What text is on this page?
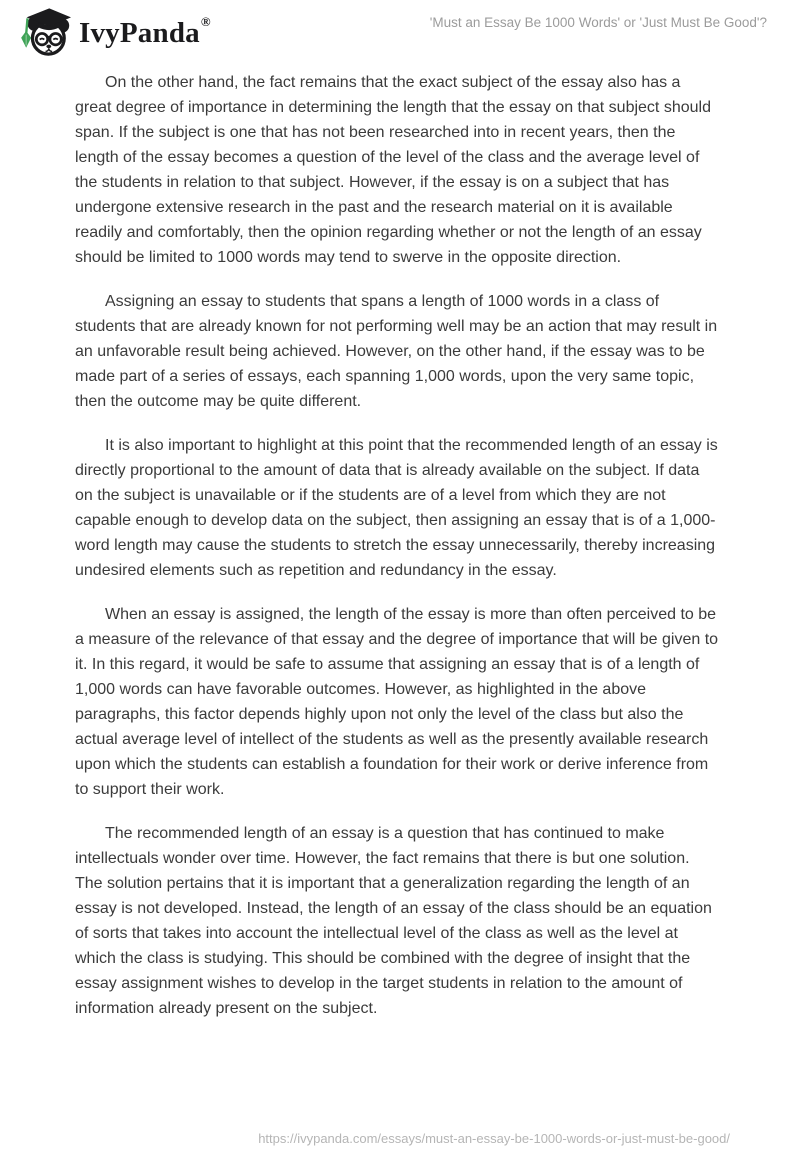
IvyPanda ®	'Must an Essay Be 1000 Words' or 'Just Must Be Good'?

On the other hand, the fact remains that the exact subject of the essay also has a great degree of importance in determining the length that the essay on that subject should span. If the subject is one that has not been researched into in recent years, then the length of the essay becomes a question of the level of the class and the average level of the students in relation to that subject. However, if the essay is on a subject that has undergone extensive research in the past and the research material on it is available readily and comfortably, then the opinion regarding whether or not the length of an essay should be limited to 1000 words may tend to swerve in the opposite direction.

Assigning an essay to students that spans a length of 1000 words in a class of students that are already known for not performing well may be an action that may result in an unfavorable result being achieved. However, on the other hand, if the essay was to be made part of a series of essays, each spanning 1,000 words, upon the very same topic, then the outcome may be quite different.

It is also important to highlight at this point that the recommended length of an essay is directly proportional to the amount of data that is already available on the subject. If data on the subject is unavailable or if the students are of a level from which they are not capable enough to develop data on the subject, then assigning an essay that is of a 1,000-word length may cause the students to stretch the essay unnecessarily, thereby increasing undesired elements such as repetition and redundancy in the essay.

When an essay is assigned, the length of the essay is more than often perceived to be a measure of the relevance of that essay and the degree of importance that will be given to it. In this regard, it would be safe to assume that assigning an essay that is of a length of 1,000 words can have favorable outcomes. However, as highlighted in the above paragraphs, this factor depends highly upon not only the level of the class but also the actual average level of intellect of the students as well as the presently available research upon which the students can establish a foundation for their work or derive inference from to support their work.

The recommended length of an essay is a question that has continued to make intellectuals wonder over time. However, the fact remains that there is but one solution. The solution pertains that it is important that a generalization regarding the length of an essay is not developed. Instead, the length of an essay of the class should be an equation of sorts that takes into account the intellectual level of the class as well as the level at which the class is studying. This should be combined with the degree of insight that the essay assignment wishes to develop in the target students in relation to the amount of information already present on the subject.

https://ivypanda.com/essays/must-an-essay-be-1000-words-or-just-must-be-good/
